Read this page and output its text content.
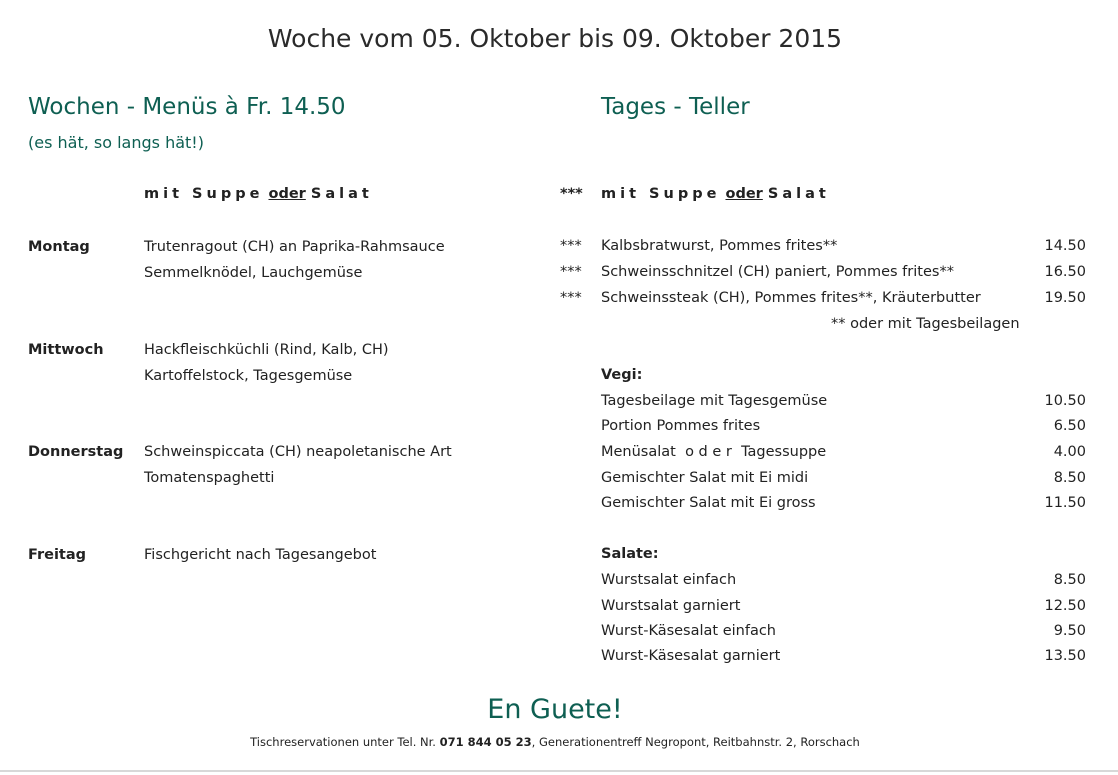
Woche vom 05. Oktober bis 09. Oktober 2015
Wochen - Menüs à Fr. 14.50
(es hät, so langs hät!)
mit Suppe oder Salat
Montag	Trutenragout (CH) an Paprika-Rahmsauce
Semmelknödel, Lauchgemüse
Mittwoch	Hackfleischküchli (Rind, Kalb, CH)
Kartoffelstock, Tagesgemüse
Donnerstag Schweinspiccata (CH) neapoletanische Art
Tomatenspaghetti
Freitag	Fischgericht nach Tagesangebot
Tages - Teller
*** mit Suppe oder Salat
*** Kalbsbratwurst, Pommes frites**	14.50
*** Schweinsschnitzel (CH) paniert, Pommes frites**	16.50
*** Schweinssteak (CH), Pommes frites**, Kräuterbutter	19.50
** oder mit Tagesbeilagen
Vegi:
Tagesbeilage mit Tagesgemüse	10.50
Portion Pommes frites	6.50
Menüsalat  o d e r  Tagessuppe	4.00
Gemischter Salat mit Ei midi	8.50
Gemischter Salat mit Ei gross	11.50
Salate:
Wurstsalat einfach	8.50
Wurstsalat garniert	12.50
Wurst-Käsesalat einfach	9.50
Wurst-Käsesalat garniert	13.50
En Guete!
Tischreservationen unter Tel. Nr. 071 844 05 23, Generationentreff Negropont, Reitbahnstr. 2, Rorschach
